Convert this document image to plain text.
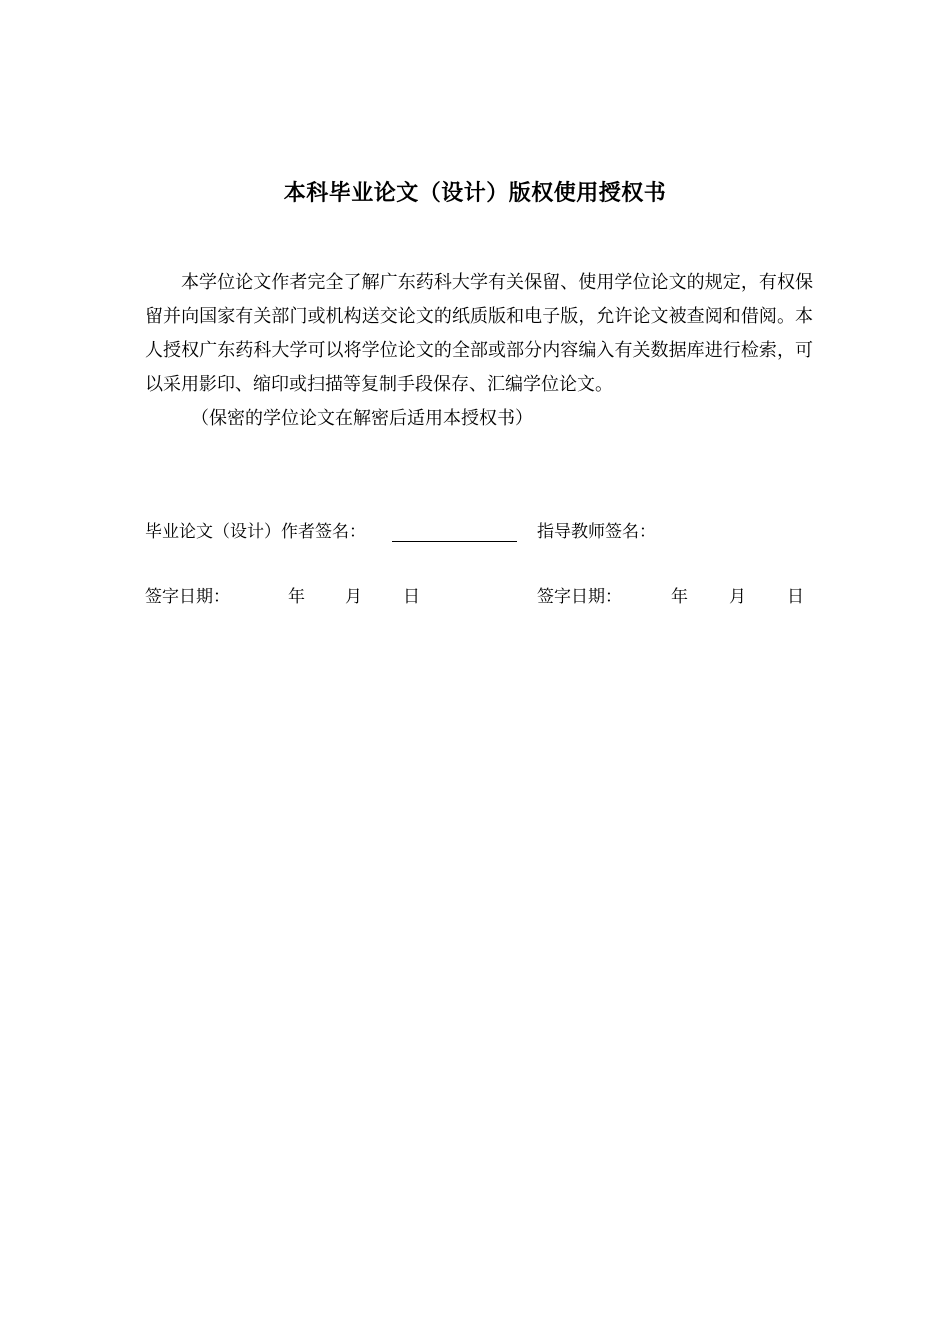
本科毕业论文（设计）版权使用授权书

本学位论文作者完全了解广东药科大学有关保留、使用学位论文的规定，有权保留并向国家有关部门或机构送交论文的纸质版和电子版，允许论文被查阅和借阅。本人授权广东药科大学可以将学位论文的全部或部分内容编入有关数据库进行检索，可以采用影印、缩印或扫描等复制手段保存、汇编学位论文。

（保密的学位论文在解密后适用本授权书）

毕业论文（设计）作者签名：	指导教师签名：
签字日期：	年 月 日	签字日期：	年 月 日
